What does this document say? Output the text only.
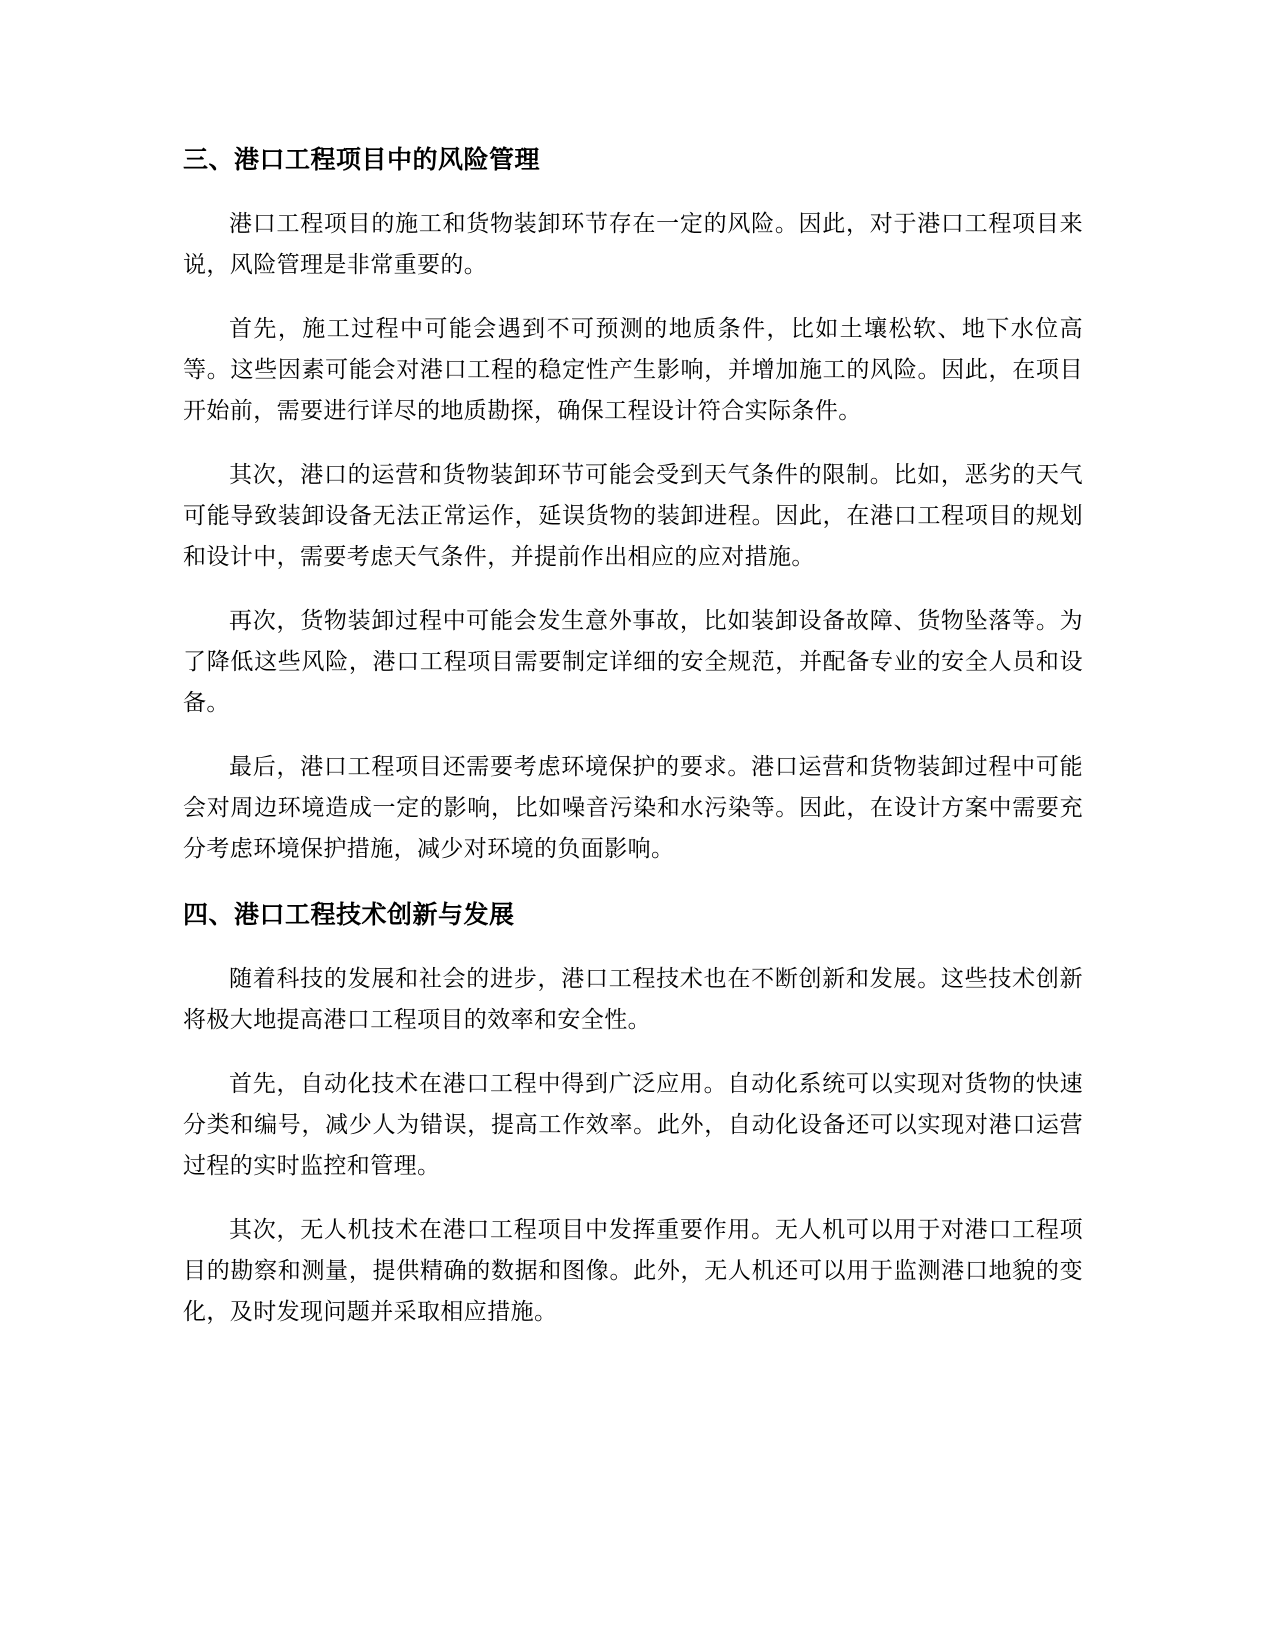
三、港口工程项目中的风险管理

港口工程项目的施工和货物装卸环节存在一定的风险。因此，对于港口工程项目来说，风险管理是非常重要的。

首先，施工过程中可能会遇到不可预测的地质条件，比如土壤松软、地下水位高等。这些因素可能会对港口工程的稳定性产生影响，并增加施工的风险。因此，在项目开始前，需要进行详尽的地质勘探，确保工程设计符合实际条件。

其次，港口的运营和货物装卸环节可能会受到天气条件的限制。比如，恶劣的天气可能导致装卸设备无法正常运作，延误货物的装卸进程。因此，在港口工程项目的规划和设计中，需要考虑天气条件，并提前作出相应的应对措施。

再次，货物装卸过程中可能会发生意外事故，比如装卸设备故障、货物坠落等。为了降低这些风险，港口工程项目需要制定详细的安全规范，并配备专业的安全人员和设备。

最后，港口工程项目还需要考虑环境保护的要求。港口运营和货物装卸过程中可能会对周边环境造成一定的影响，比如噪音污染和水污染等。因此，在设计方案中需要充分考虑环境保护措施，减少对环境的负面影响。

四、港口工程技术创新与发展

随着科技的发展和社会的进步，港口工程技术也在不断创新和发展。这些技术创新将极大地提高港口工程项目的效率和安全性。

首先，自动化技术在港口工程中得到广泛应用。自动化系统可以实现对货物的快速分类和编号，减少人为错误，提高工作效率。此外，自动化设备还可以实现对港口运营过程的实时监控和管理。

其次，无人机技术在港口工程项目中发挥重要作用。无人机可以用于对港口工程项目的勘察和测量，提供精确的数据和图像。此外，无人机还可以用于监测港口地貌的变化，及时发现问题并采取相应措施。
